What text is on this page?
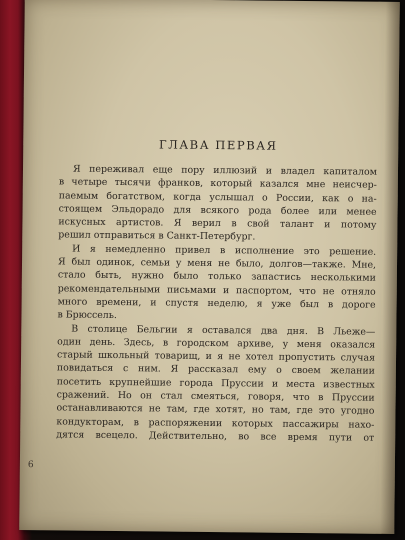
ГЛАВА ПЕРВАЯ
Я переживал еще пору иллюзий и владел капиталом
в четыре тысячи франков, который казался мне неисчер-
паемым богатством, когда услышал о России, как о на-
стоящем Эльдорадо для всякого рода более или менее
искусных артистов. Я верил в свой талант и потому
решил отправиться в Санкт-Петербург.
И я немедленно привел в исполнение это решение.
Я был одинок, семьи у меня не было, долгов—также. Мне,
стало быть, нужно было только запастись несколькими
рекомендательными письмами и паспортом, что не отняло
много времени, и спустя неделю, я уже был в дороге
в Брюссель.
В столице Бельгии я оставался два дня. В Льеже—
один день. Здесь, в городском архиве, у меня оказался
старый школьный товарищ, и я не хотел пропустить случая
повидаться с ним. Я рассказал ему о своем желании
посетить крупнейшие города Пруссии и места известных
сражений. Но он стал смеяться, говоря, что в Пруссии
останавливаются не там, где хотят, но там, где это угодно
кондукторам, в распоряжении которых пассажиры нахо-
дятся всецело. Действительно, во все время пути от
6
